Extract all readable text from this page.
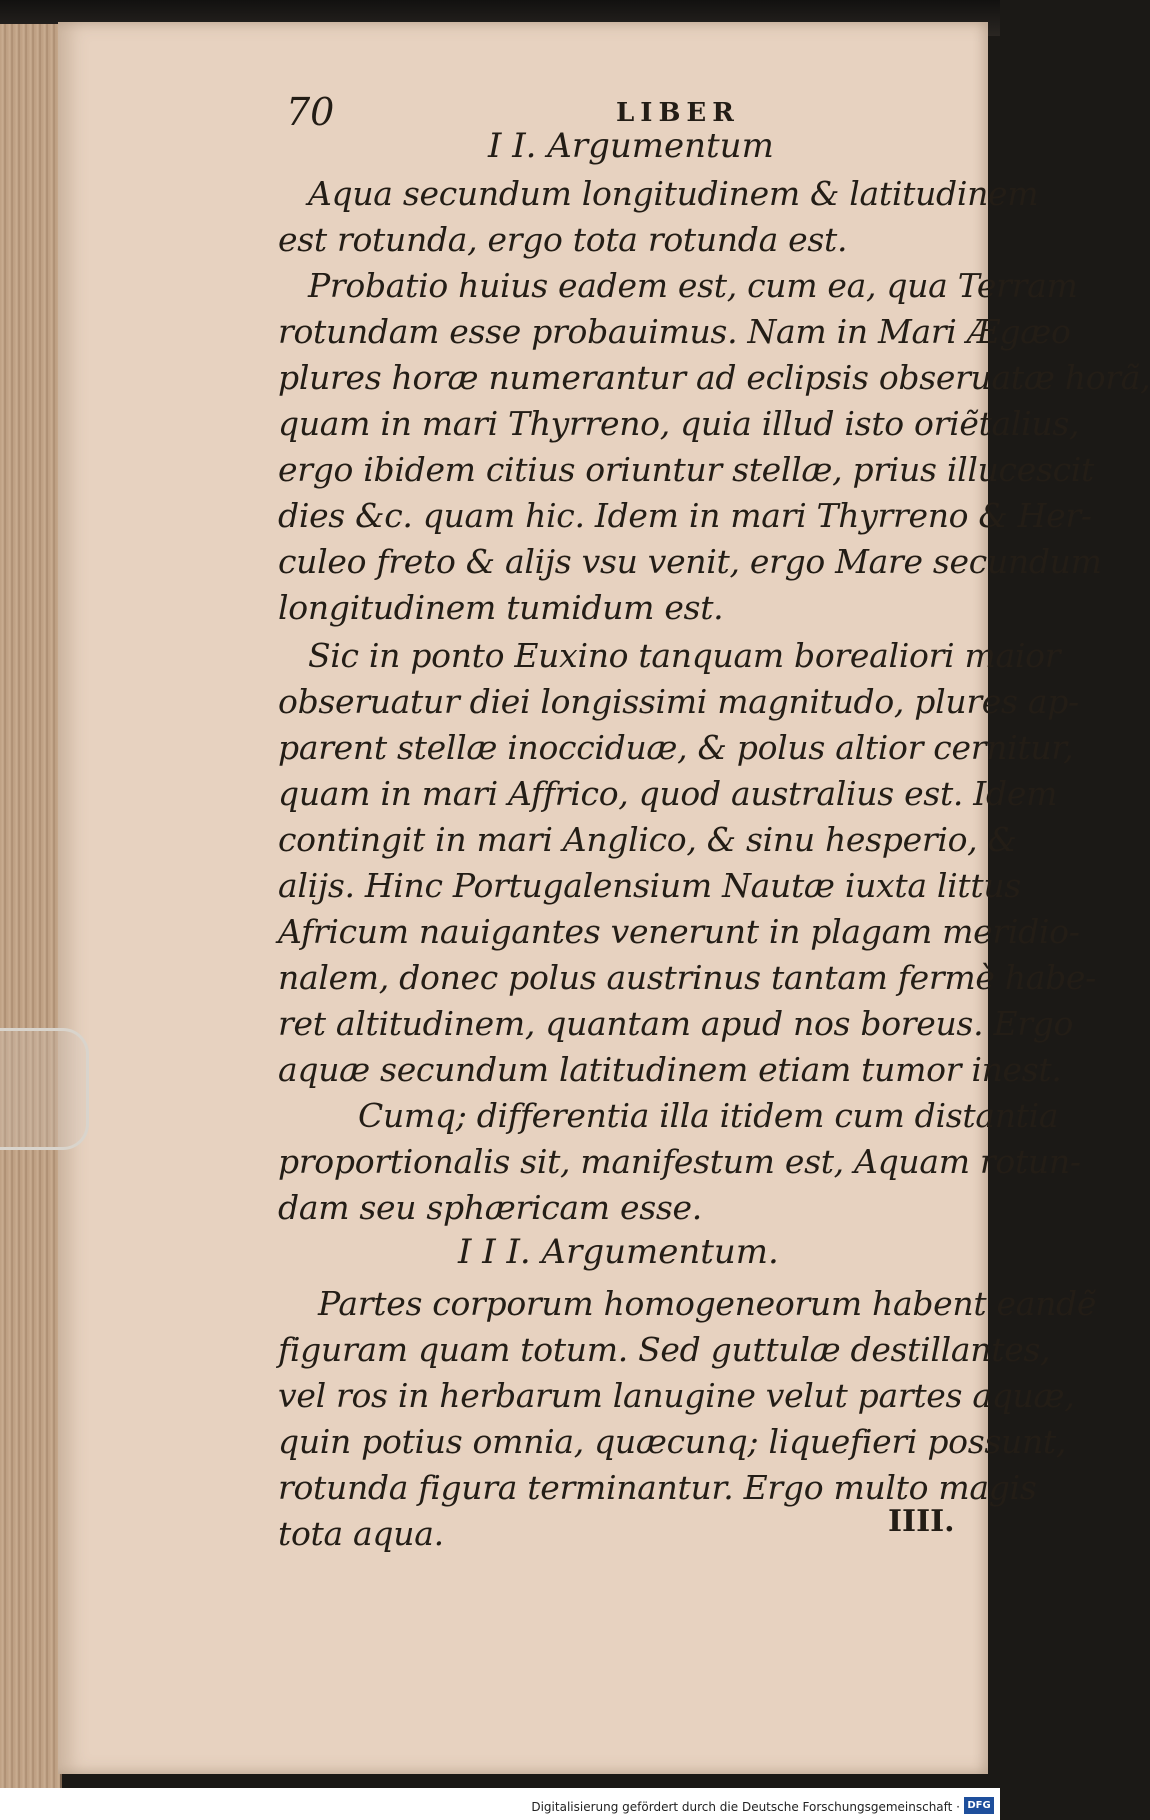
70	LIBER
I I. Argumentum
Aqua secundum longitudinem & latitudinem
est rotunda, ergo tota rotunda est.
Probatio huius eadem est, cum ea, qua Terram
rotundam esse probauimus. Nam in Mari Ægæo
plures horæ numerantur ad eclipsis obseruatæ horã,
quam in mari Thyrreno, quia illud isto oriẽtalius,
ergo ibidem citius oriuntur stellæ, prius illucescit
dies &c. quam hic. Idem in mari Thyrreno & Her-
culeo freto & alijs vsu venit, ergo Mare secundum
longitudinem tumidum est.
Sic in ponto Euxino tanquam borealiori maior
obseruatur diei longissimi magnitudo, plures ap-
parent stellæ inocciduæ, & polus altior cernitur,
quam in mari Affrico, quod australius est. Idem
contingit in mari Anglico, & sinu hesperio, &
alijs. Hinc Portugalensium Nautæ iuxta littus
Africum nauigantes venerunt in plagam meridio-
nalem, donec polus austrinus tantam fermè habe-
ret altitudinem, quantam apud nos boreus. Ergo
aquæ secundum latitudinem etiam tumor inest.
Cumq; differentia illa itidem cum distantia
proportionalis sit, manifestum est, Aquam rotun-
dam seu sphæricam esse.
I I I. Argumentum.
Partes corporum homogeneorum habent eandẽ
figuram quam totum. Sed guttulæ destillantes,
vel ros in herbarum lanugine velut partes aquæ,
quin potius omnia, quæcunq; liquefieri possunt,
rotunda figura terminantur. Ergo multo magis
tota aqua.	IIII.
Digitalisierung gefördert durch die Deutsche Forschungsgemeinschaft · DFG
